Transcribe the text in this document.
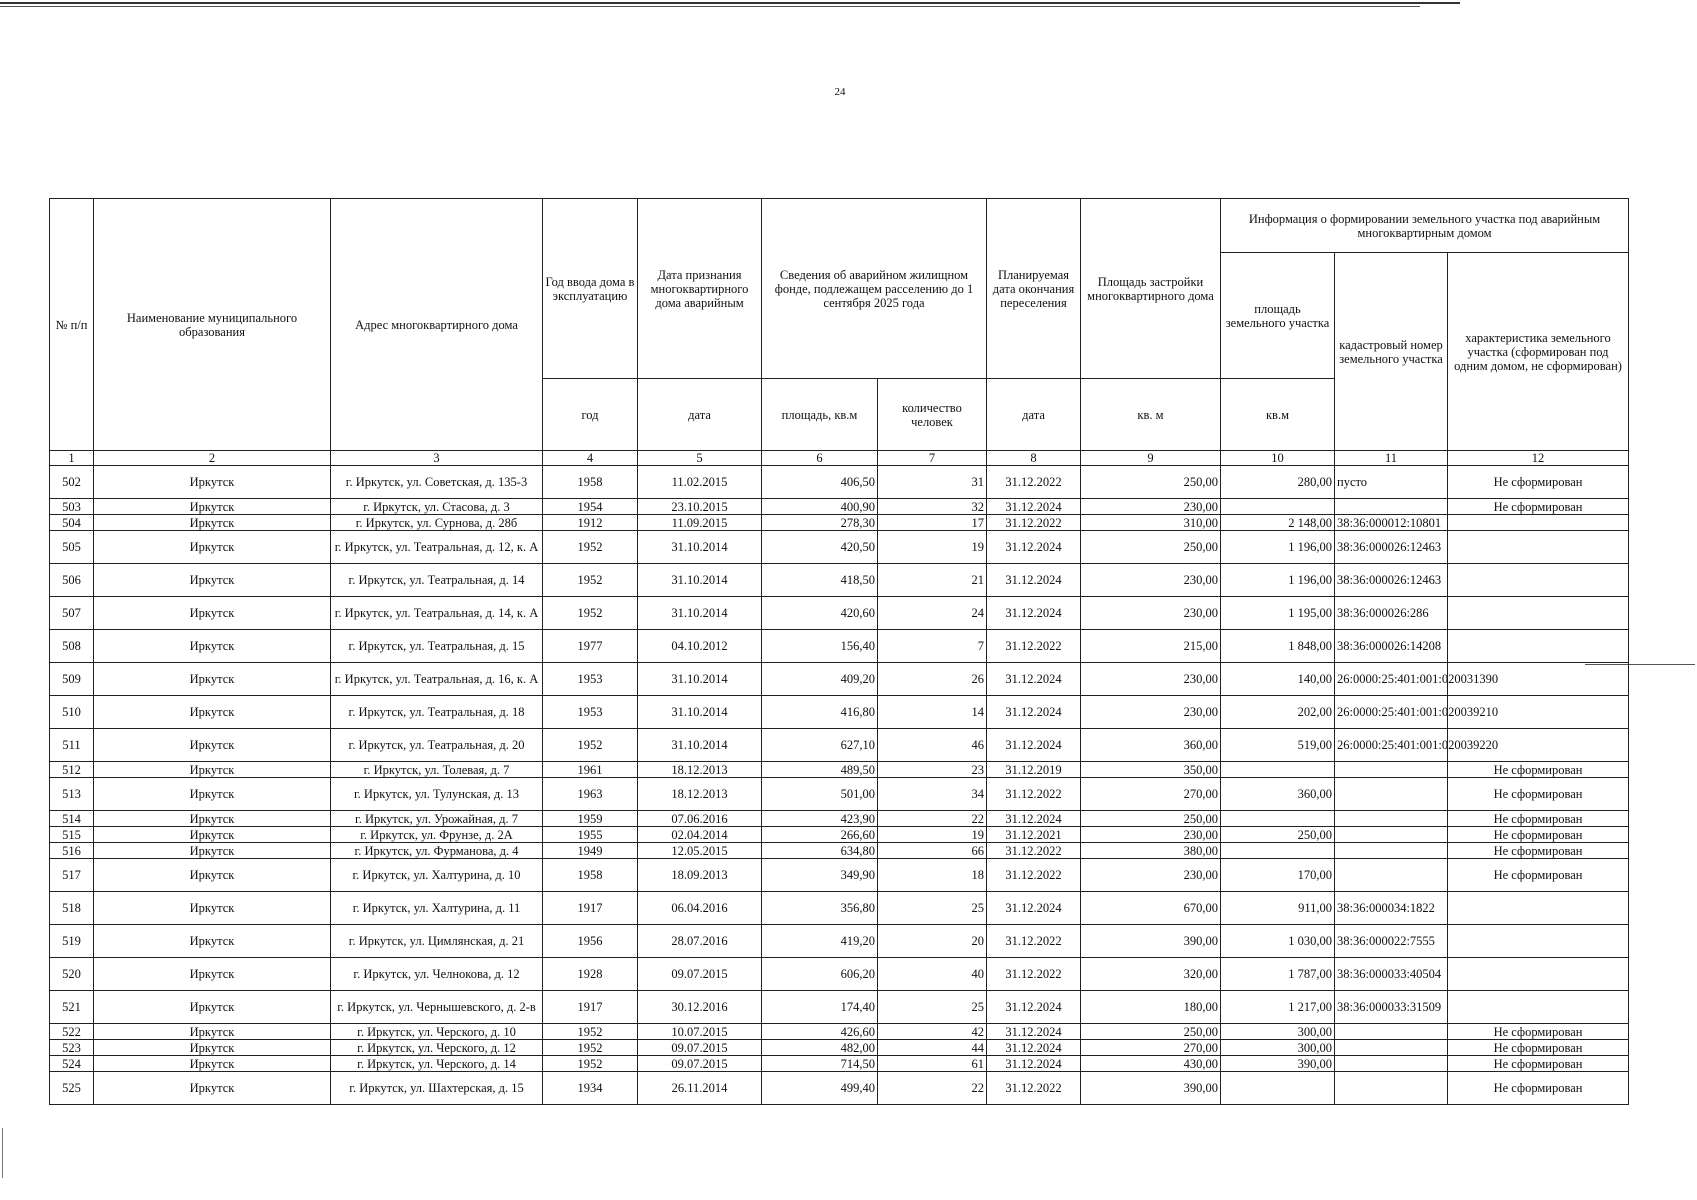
24
№ п/п	Наименование муниципального образования	Адрес многоквартирного дома	Год ввода дома в эксплуатацию	Дата признания многоквартирного дома аварийным	Сведения об аварийном жилищном фонде, подлежащем расселению до 1 сентября 2025 года		Планируемая дата окончания переселения	Площадь застройки многоквартирного дома	Информация о формировании земельного участка под аварийным многоквартирным домом		
									площадь земельного участка	кадастровый номер земельного участка	характеристика земельного участка (сформирован под одним домом, не сформирован)
			год	дата	площадь, кв.м	количество человек	дата	кв. м	кв.м		
1	2	3	4	5	6	7	8	9	10	11	12
502	Иркутск	г. Иркутск, ул. Советская, д. 135-3	1958	11.02.2015	406,50	31	31.12.2022	250,00	280,00	пусто	Не сформирован
503	Иркутск	г. Иркутск, ул. Стасова, д. 3	1954	23.10.2015	400,90	32	31.12.2024	230,00			Не сформирован
504	Иркутск	г. Иркутск, ул. Сурнова, д. 28б	1912	11.09.2015	278,30	17	31.12.2022	310,00	2 148,00	38:36:000012:10801	
505	Иркутск	г. Иркутск, ул. Театральная, д. 12, к. А	1952	31.10.2014	420,50	19	31.12.2024	250,00	1 196,00	38:36:000026:12463	
506	Иркутск	г. Иркутск, ул. Театральная, д. 14	1952	31.10.2014	418,50	21	31.12.2024	230,00	1 196,00	38:36:000026:12463	
507	Иркутск	г. Иркутск, ул. Театральная, д. 14, к. А	1952	31.10.2014	420,60	24	31.12.2024	230,00	1 195,00	38:36:000026:286	
508	Иркутск	г. Иркутск, ул. Театральная, д. 15	1977	04.10.2012	156,40	7	31.12.2022	215,00	1 848,00	38:36:000026:14208	
509	Иркутск	г. Иркутск, ул. Театральная, д. 16, к. А	1953	31.10.2014	409,20	26	31.12.2024	230,00	140,00	26:0000:25:401:001:020031390	
510	Иркутск	г. Иркутск, ул. Театральная, д. 18	1953	31.10.2014	416,80	14	31.12.2024	230,00	202,00	26:0000:25:401:001:020039210	
511	Иркутск	г. Иркутск, ул. Театральная, д. 20	1952	31.10.2014	627,10	46	31.12.2024	360,00	519,00	26:0000:25:401:001:020039220	
512	Иркутск	г. Иркутск, ул. Толевая, д. 7	1961	18.12.2013	489,50	23	31.12.2019	350,00			Не сформирован
513	Иркутск	г. Иркутск, ул. Тулунская, д. 13	1963	18.12.2013	501,00	34	31.12.2022	270,00	360,00		Не сформирован
514	Иркутск	г. Иркутск, ул. Урожайная, д. 7	1959	07.06.2016	423,90	22	31.12.2024	250,00			Не сформирован
515	Иркутск	г. Иркутск, ул. Фрунзе, д. 2А	1955	02.04.2014	266,60	19	31.12.2021	230,00	250,00		Не сформирован
516	Иркутск	г. Иркутск, ул. Фурманова, д. 4	1949	12.05.2015	634,80	66	31.12.2022	380,00			Не сформирован
517	Иркутск	г. Иркутск, ул. Халтурина, д. 10	1958	18.09.2013	349,90	18	31.12.2022	230,00	170,00		Не сформирован
518	Иркутск	г. Иркутск, ул. Халтурина, д. 11	1917	06.04.2016	356,80	25	31.12.2024	670,00	911,00	38:36:000034:1822	
519	Иркутск	г. Иркутск, ул. Цимлянская, д. 21	1956	28.07.2016	419,20	20	31.12.2022	390,00	1 030,00	38:36:000022:7555	
520	Иркутск	г. Иркутск, ул. Челнокова, д. 12	1928	09.07.2015	606,20	40	31.12.2022	320,00	1 787,00	38:36:000033:40504	
521	Иркутск	г. Иркутск, ул. Чернышевского, д. 2-в	1917	30.12.2016	174,40	25	31.12.2024	180,00	1 217,00	38:36:000033:31509	
522	Иркутск	г. Иркутск, ул. Черского, д. 10	1952	10.07.2015	426,60	42	31.12.2024	250,00	300,00		Не сформирован
523	Иркутск	г. Иркутск, ул. Черского, д. 12	1952	09.07.2015	482,00	44	31.12.2024	270,00	300,00		Не сформирован
524	Иркутск	г. Иркутск, ул. Черского, д. 14	1952	09.07.2015	714,50	61	31.12.2024	430,00	390,00		Не сформирован
525	Иркутск	г. Иркутск, ул. Шахтерская, д. 15	1934	26.11.2014	499,40	22	31.12.2022	390,00			Не сформирован
